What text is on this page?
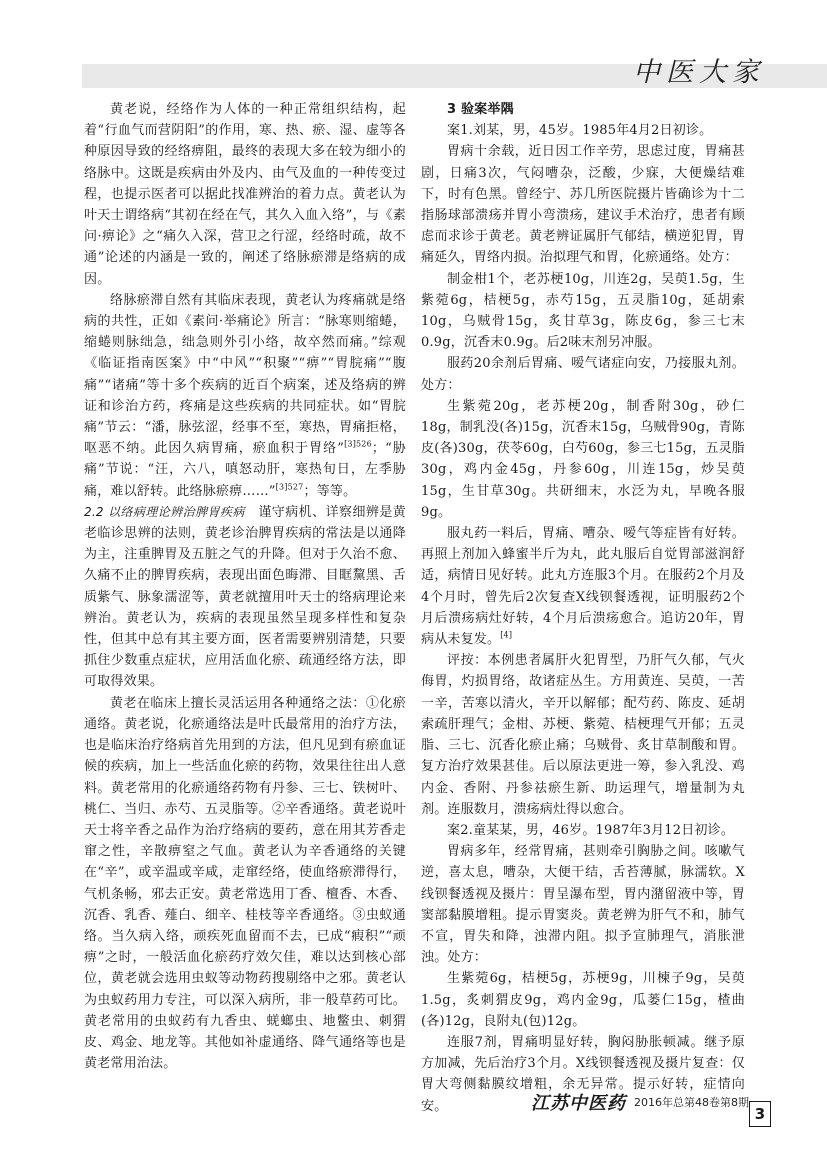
中医大家

黄老说，经络作为人体的一种正常组织结构，起着“行血气而营阴阳”的作用，寒、热、瘀、湿、虚等各种原因导致的经络痹阻，最终的表现大多在较为细小的络脉中。这既是疾病由外及内、由气及血的一种传变过程，也提示医者可以据此找准辨治的着力点。黄老认为叶天士谓络病“其初在经在气，其久入血入络”，与《素问·痹论》之“痛久入深，营卫之行涩，经络时疏，故不通”论述的内涵是一致的，阐述了络脉瘀滞是络病的成因。

络脉瘀滞自然有其临床表现，黄老认为疼痛就是络病的共性，正如《素问·举痛论》所言：“脉寒则缩蜷，缩蜷则脉绌急，绌急则外引小络，故卒然而痛。”综观《临证指南医案》中“中风”“积聚”“痹”“胃脘痛”“腹痛”“诸痛”等十多个疾病的近百个病案，述及络病的辨证和诊治方药，疼痛是这些疾病的共同症状。如“胃脘痛”节云：“潘，脉弦涩，经事不至，寒热，胃痛拒格，呕恶不纳。此因久病胃痛，瘀血积于胃络”$^{[3]526}$；“胁痛”节说：“汪，六八，嗔怒动肝，寒热旬日，左季胁痛，难以舒转。此络脉瘀痹……”$^{[3]527}$；等等。

2.2 以络病理论辨治脾胃疾病　 谨守病机、详察细辨是黄老临诊思辨的法则，黄老诊治脾胃疾病的常法是以通降为主，注重脾胃及五脏之气的升降。但对于久治不愈、久痛不止的脾胃疾病，表现出面色晦滞、目眶黧黑、舌质紫气、脉象濡涩等，黄老就擅用叶天士的络病理论来辨治。黄老认为，疾病的表现虽然呈现多样性和复杂性，但其中总有其主要方面，医者需要辨别清楚，只要抓住少数重点症状，应用活血化瘀、疏通经络方法，即可取得效果。

黄老在临床上擅长灵活运用各种通络之法：①化瘀通络。黄老说，化瘀通络法是叶氏最常用的治疗方法，也是临床治疗络病首先用到的方法，但凡见到有瘀血证候的疾病，加上一些活血化瘀的药物，效果往往出人意料。黄老常用的化瘀通络药物有丹参、三七、铁树叶、桃仁、当归、赤芍、五灵脂等。②辛香通络。黄老说叶天士将辛香之品作为治疗络病的要药，意在用其芳香走窜之性，辛散痹窒之气血。黄老认为辛香通络的关键在“辛”，或辛温或辛咸，走窜经络，使血络瘀滞得行，气机条畅，邪去正安。黄老常选用丁香、檀香、木香、沉香、乳香、薤白、细辛、桂枝等辛香通络。③虫蚁通络。当久病入络，顽疾死血留而不去，已成“瘕积”“顽痹”之时，一般活血化瘀药疗效欠佳，难以达到核心部位，黄老就会选用虫蚁等动物药搜剔络中之邪。黄老认为虫蚁药用力专注，可以深入病所，非一般草药可比。黄老常用的虫蚁药有九香虫、蜣螂虫、地鳖虫、刺猬皮、鸡金、地龙等。其他如补虚通络、降气通络等也是黄老常用治法。

3 验案举隅

案1.刘某，男，45岁。1985年4月2日初诊。

胃病十余载，近日因工作辛劳，思虑过度，胃痛甚剧，日痛3次，气闷嘈杂，泛酸，少寐，大便燥结难下，时有色黑。曾经宁、苏几所医院摄片皆确诊为十二指肠球部溃疡并胃小弯溃疡，建议手术治疗，患者有顾虑而求诊于黄老。黄老辨证属肝气郁结，横逆犯胃，胃痛延久，胃络内损。治拟理气和胃，化瘀通络。处方：

制金柑1个，老苏梗10g，川连2g，吴萸1.5g，生紫菀6g，桔梗5g，赤芍15g，五灵脂10g，延胡索10g，乌贼骨15g，炙甘草3g，陈皮6g，参三七末0.9g，沉香末0.9g。后2味末剂另冲服。

服药20余剂后胃痛、嗳气诸症向安，乃接服丸剂。处方：

生紫菀20g，老苏梗20g，制香附30g，砂仁18g，制乳没(各)15g，沉香末15g，乌贼骨90g，青陈皮(各)30g，茯苓60g，白芍60g，参三七15g，五灵脂30g，鸡内金45g，丹参60g，川连15g，炒吴萸15g，生甘草30g。共研细末，水泛为丸，早晚各服9g。

服丸药一料后，胃痛、嘈杂、嗳气等症皆有好转。再照上剂加入蜂蜜半斤为丸，此丸服后自觉胃部滋润舒适，病情日见好转。此丸方连服3个月。在服药2个月及4个月时，曾先后2次复查X线钡餐透视，证明服药2个月后溃疡病灶好转，4个月后溃疡愈合。追访20年，胃病从未复发。[4]

评按：本例患者属肝火犯胃型，乃肝气久郁，气火侮胃，灼损胃络，故诸症丛生。方用黄连、吴萸，一苦一辛，苦寒以清火，辛开以解郁；配芍药、陈皮、延胡索疏肝理气；金柑、苏梗、紫菀、桔梗理气开郁；五灵脂、三七、沉香化瘀止痛；乌贼骨、炙甘草制酸和胃。复方治疗效果甚佳。后以原法更进一筹，参入乳没、鸡内金、香附、丹参祛瘀生新、助运理气，增量制为丸剂。连服数月，溃疡病灶得以愈合。

案2.童某某，男，46岁。1987年3月12日初诊。

胃病多年，经常胃痛，甚则牵引胸胁之间。咳嗽气逆，喜太息，嘈杂，大便干结，舌苔薄腻，脉濡软。X线钡餐透视及摄片：胃呈瀑布型，胃内潴留液中等，胃窦部黏膜增粗。提示胃窦炎。黄老辨为肝气不和，肺气不宣，胃失和降，浊滞内阻。拟予宣肺理气，消胀泄浊。处方：

生紫菀6g，桔梗5g，苏梗9g，川楝子9g，吴萸1.5g，炙刺猬皮9g，鸡内金9g，瓜蒌仁15g，楂曲(各)12g，良附丸(包)12g。

连服7剂，胃痛明显好转，胸闷胁胀顿减。继予原方加减，先后治疗3个月。X线钡餐透视及摄片复查：仅胃大弯侧黏膜纹增粗，余无异常。提示好转，症情向安。	江苏中医药 2016年总第48卷第8期
3
